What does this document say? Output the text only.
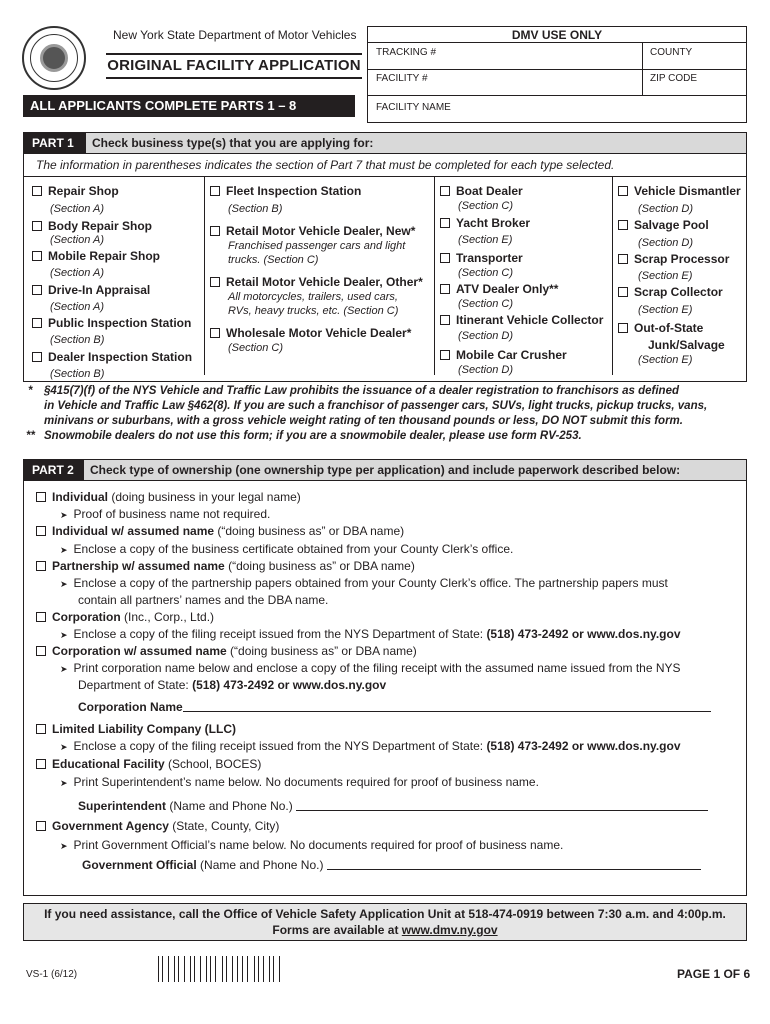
New York State Department of Motor Vehicles
ORIGINAL FACILITY APPLICATION
ALL APPLICANTS COMPLETE PARTS 1 – 8
DMV USE ONLY
TRACKING #	COUNTY
FACILITY #	ZIP CODE
FACILITY NAME
PART 1	Check business type(s) that you are applying for:
The information in parentheses indicates the section of Part 7 that must be completed for each type selected.
Repair Shop
(Section A)
Body Repair Shop
(Section A)
Mobile Repair Shop
(Section A)
Drive-In Appraisal
(Section A)
Public Inspection Station
(Section B)
Dealer Inspection Station
(Section B)
Fleet Inspection Station
(Section B)
Retail Motor Vehicle Dealer, New*
Franchised passenger cars and light
trucks. (Section C)
Retail Motor Vehicle Dealer, Other*
All motorcycles, trailers, used cars,
RVs, heavy trucks, etc. (Section C)
Wholesale Motor Vehicle Dealer*
(Section C)
Boat Dealer
(Section C)
Yacht Broker
(Section E)
Transporter
(Section C)
ATV Dealer Only**
(Section C)
Itinerant Vehicle Collector
(Section D)
Mobile Car Crusher
(Section D)
Vehicle Dismantler
(Section D)
Salvage Pool
(Section D)
Scrap Processor
(Section E)
Scrap Collector
(Section E)
Out-of-State
Junk/Salvage
(Section E)
* §415(7)(f) of the NYS Vehicle and Traffic Law prohibits the issuance of a dealer registration to franchisors as defined
in Vehicle and Traffic Law §462(8). If you are such a franchisor of passenger cars, SUVs, light trucks, pickup trucks, vans,
minivans or suburbans, with a gross vehicle weight rating of ten thousand pounds or less, DO NOT submit this form.
** Snowmobile dealers do not use this form; if you are a snowmobile dealer, please use form RV-253.
PART 2	Check type of ownership (one ownership type per application) and include paperwork described below:
Individual (doing business in your legal name)
➤ Proof of business name not required.
Individual w/ assumed name (“doing business as” or DBA name)
➤ Enclose a copy of the business certificate obtained from your County Clerk’s office.
Partnership w/ assumed name (“doing business as” or DBA name)
➤ Enclose a copy of the partnership papers obtained from your County Clerk’s office. The partnership papers must
contain all partners’ names and the DBA name.
Corporation (Inc., Corp., Ltd.)
➤ Enclose a copy of the filing receipt issued from the NYS Department of State: (518) 473-2492 or www.dos.ny.gov
Corporation w/ assumed name (“doing business as” or DBA name)
➤ Print corporation name below and enclose a copy of the filing receipt with the assumed name issued from the NYS
Department of State: (518) 473-2492 or www.dos.ny.gov
Corporation Name
Limited Liability Company (LLC)
➤ Enclose a copy of the filing receipt issued from the NYS Department of State: (518) 473-2492 or www.dos.ny.gov
Educational Facility (School, BOCES)
➤ Print Superintendent’s name below. No documents required for proof of business name.
Superintendent (Name and Phone No.)
Government Agency (State, County, City)
➤ Print Government Official’s name below. No documents required for proof of business name.
Government Official (Name and Phone No.)
If you need assistance, call the Office of Vehicle Safety Application Unit at 518-474-0919 between 7:30 a.m. and 4:00p.m.
Forms are available at www.dmv.ny.gov
VS-1 (6/12)	PAGE 1 OF 6
